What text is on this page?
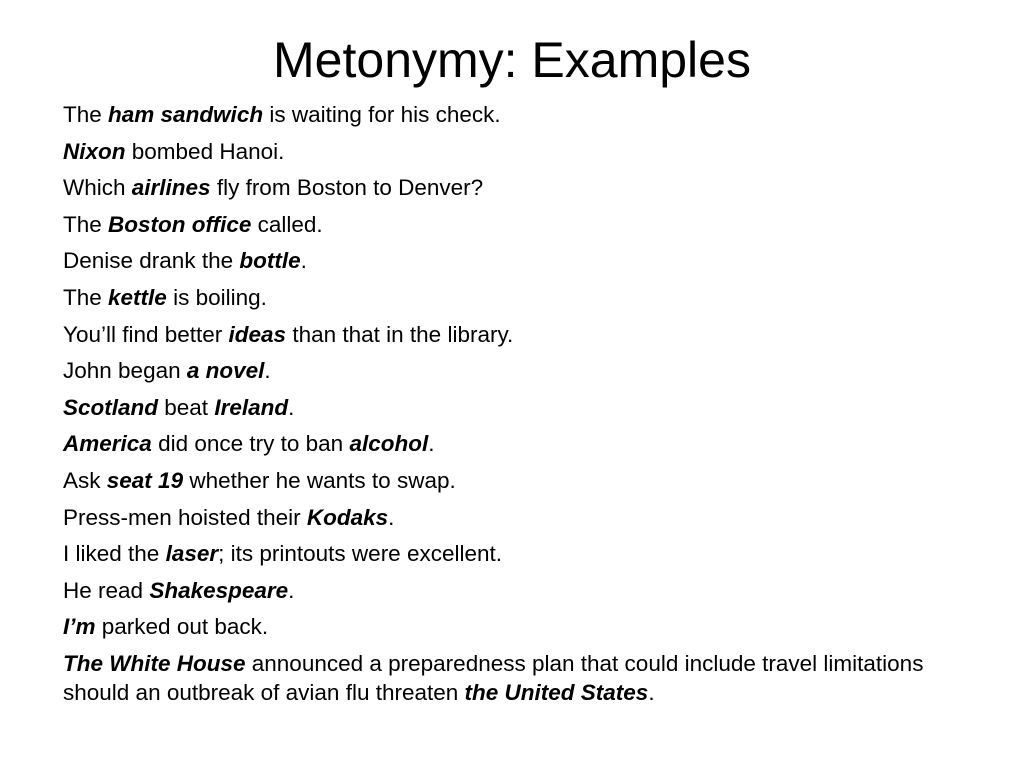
Metonymy: Examples
The ham sandwich is waiting for his check.
Nixon bombed Hanoi.
Which airlines fly from Boston to Denver?
The Boston office called.
Denise drank the bottle.
The kettle is boiling.
You’ll find better ideas than that in the library.
John began a novel.
Scotland beat Ireland.
America did once try to ban alcohol.
Ask seat 19 whether he wants to swap.
Press-men hoisted their Kodaks.
I liked the laser; its printouts were excellent.
He read Shakespeare.
I’m parked out back.
The White House announced a preparedness plan that could include travel limitations should an outbreak of avian flu threaten the United States.
